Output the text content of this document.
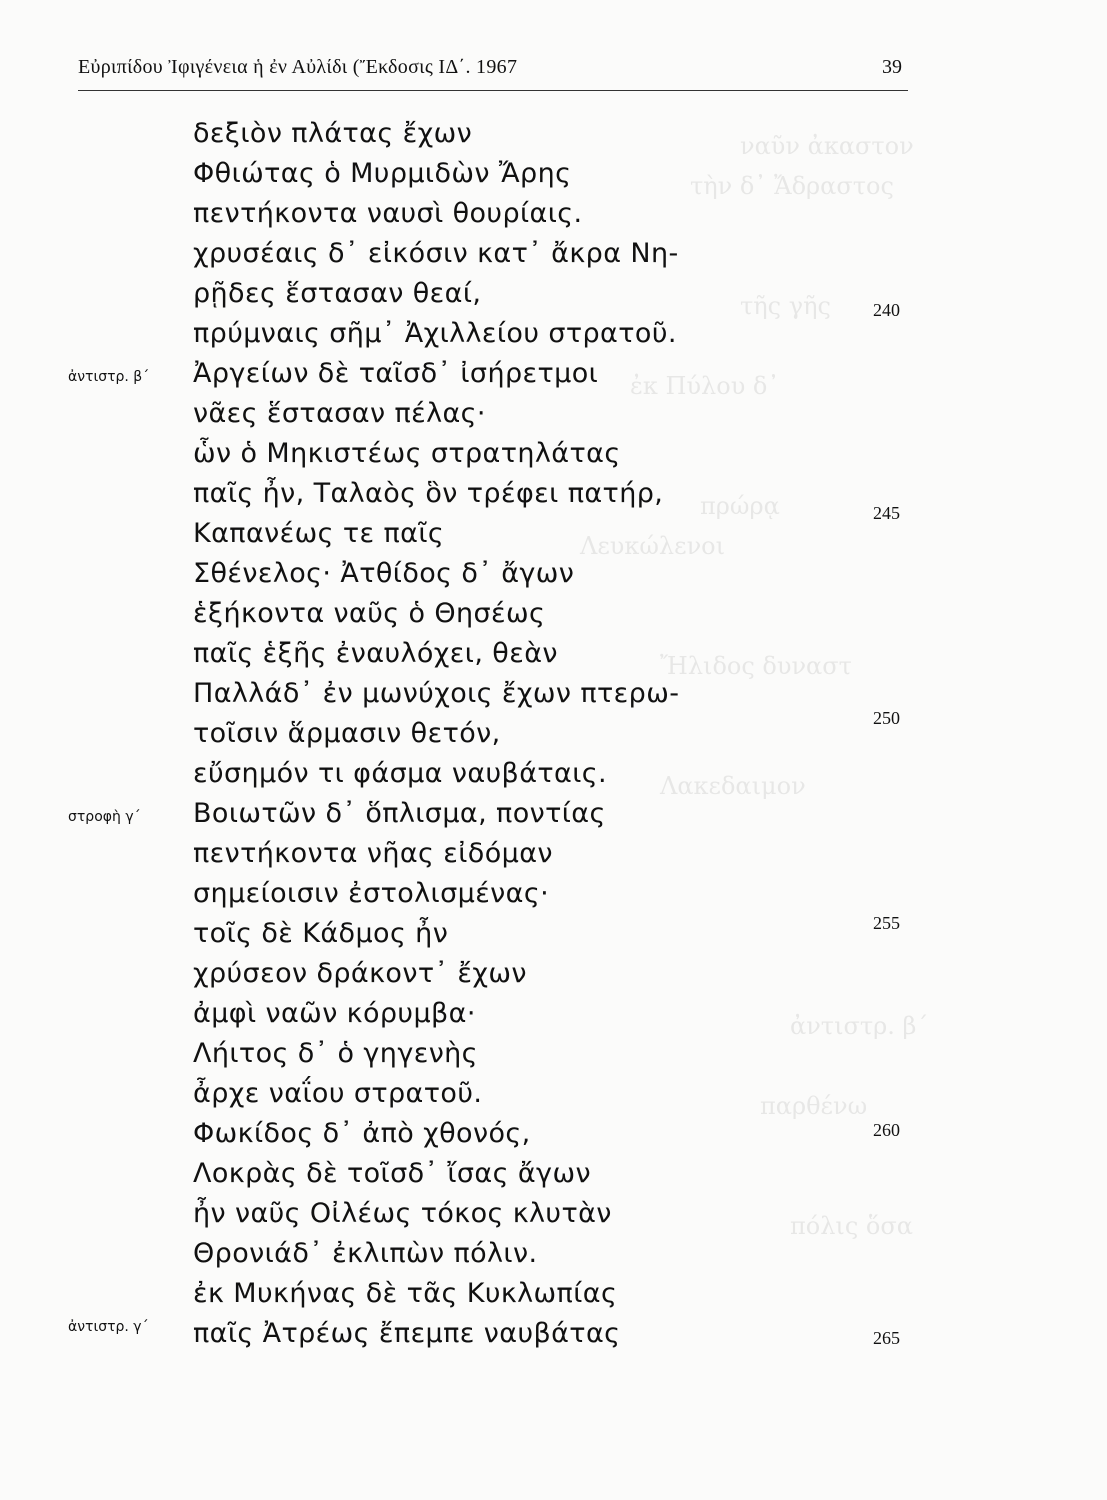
ναῦν ἀκαστον
τὴν δ᾽ Ἄδραστος
τῆς γῆς
ἐκ Πύλου δ᾽
πρώρᾳ
Λευκώλενοι
Ἤλιδος δυναστ
Λακεδαιμον
ἀντιστρ. β΄
παρθένω
πόλις ὅσα
Εὐριπίδου Ἰφιγένεια ἡ ἐν Αὐλίδι (Ἔκδοσις ΙΔ΄. 1967	39
δεξιὸν πλάτας ἔχων
Φθιώτας ὁ Μυρμιδὼν Ἄρης
πεντήκοντα ναυσὶ θουρίαις.
χρυσέαις δ᾽ εἰκόσιν κατ᾽ ἄκρα Νη-
ρῇδες ἕστασαν θεαί,
πρύμναις σῆμ᾽ Ἀχιλλείου στρατοῦ.
Ἀργείων δὲ ταῖσδ᾽ ἰσήρετμοι
νᾶες ἕστασαν πέλας·
ὧν ὁ Μηκιστέως στρατηλάτας
παῖς ἦν, Ταλαὸς ὃν τρέφει πατήρ,
Καπανέως τε παῖς
Σθένελος· Ἀτθίδος δ᾽ ἄγων
ἑξήκοντα ναῦς ὁ Θησέως
παῖς ἑξῆς ἐναυλόχει, θεὰν
Παλλάδ᾽ ἐν μωνύχοις ἔχων πτερω-
τοῖσιν ἅρμασιν θετόν,
εὔσημόν τι φάσμα ναυβάταις.
Βοιωτῶν δ᾽ ὅπλισμα, ποντίας
πεντήκοντα νῆας εἰδόμαν
σημείοισιν ἐστολισμένας·
τοῖς δὲ Κάδμος ἦν
χρύσεον δράκοντ᾽ ἔχων
ἀμφὶ ναῶν κόρυμβα·
Λήιτος δ᾽ ὁ γηγενὴς
ἆρχε ναΐου στρατοῦ.
Φωκίδος δ᾽ ἀπὸ χθονός,
Λοκρὰς δὲ τοῖσδ᾽ ἴσας ἄγων
ἦν ναῦς Οἰλέως τόκος κλυτὰν
Θρονιάδ᾽ ἐκλιπὼν πόλιν.
ἐκ Μυκήνας δὲ τᾶς Κυκλωπίας
παῖς Ἀτρέως ἔπεμπε ναυβάτας
ἀντιστρ. β΄
στροφὴ γ΄
ἀντιστρ. γ΄
240
245
250
255
260
265
